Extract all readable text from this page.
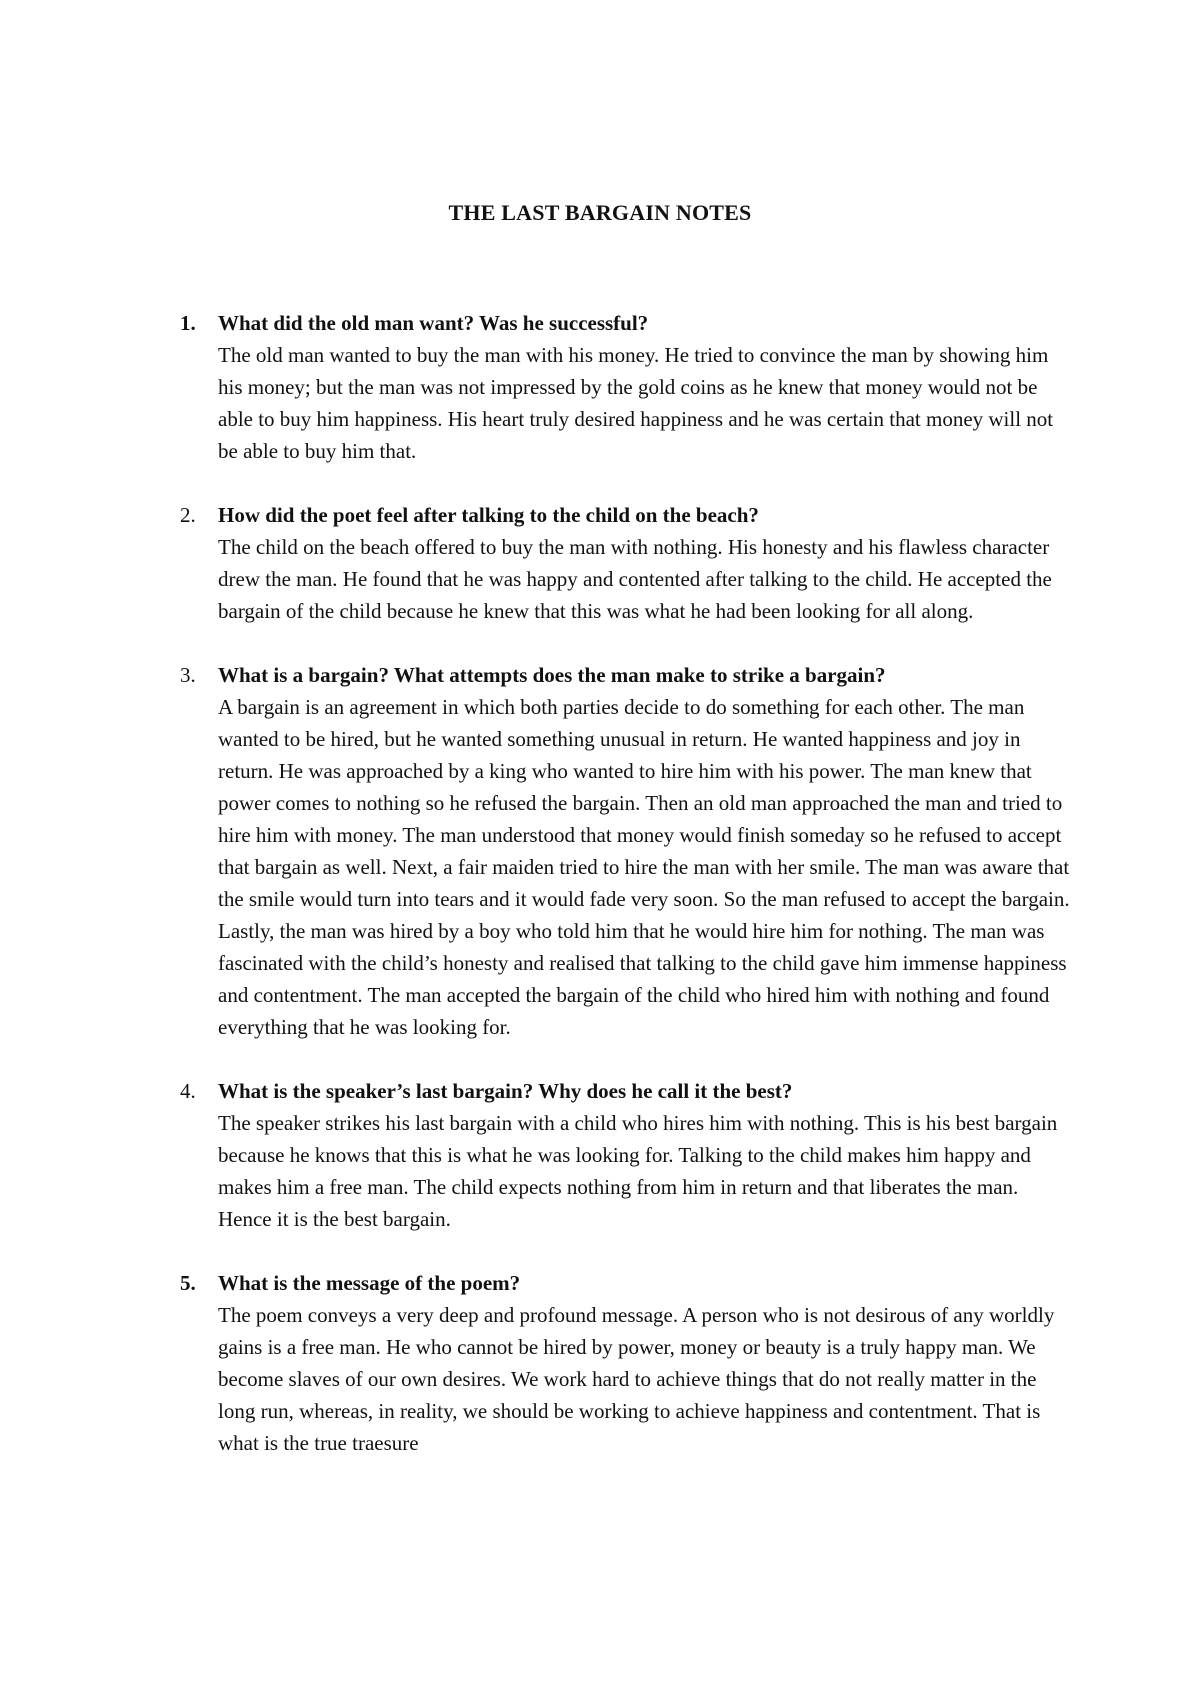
THE LAST BARGAIN NOTES
1.	What did the old man want? Was he successful?
The old man wanted to buy the man with his money. He tried to convince the man by showing him his money; but the man was not impressed by the gold coins as he knew that money would not be able to buy him happiness. His heart truly desired happiness and he was certain that money will not be able to buy him that.
2.	How did the poet feel after talking to the child on the beach?
The child on the beach offered to buy the man with nothing. His honesty and his flawless character drew the man. He found that he was happy and contented after talking to the child. He accepted the bargain of the child because he knew that this was what he had been looking for all along.
3.	What is a bargain? What attempts does the man make to strike a bargain?
A bargain is an agreement in which both parties decide to do something for each other. The man wanted to be hired, but he wanted something unusual in return. He wanted happiness and joy in return. He was approached by a king who wanted to hire him with his power. The man knew that power comes to nothing so he refused the bargain. Then an old man approached the man and tried to hire him with money. The man understood that money would finish someday so he refused to accept that bargain as well. Next, a fair maiden tried to hire the man with her smile. The man was aware that the smile would turn into tears and it would fade very soon. So the man refused to accept the bargain. Lastly, the man was hired by a boy who told him that he would hire him for nothing. The man was fascinated with the child’s honesty and realised that talking to the child gave him immense happiness and contentment. The man accepted the bargain of the child who hired him with nothing and found everything that he was looking for.
4.	What is the speaker’s last bargain? Why does he call it the best?
The speaker strikes his last bargain with a child who hires him with nothing. This is his best bargain because he knows that this is what he was looking for. Talking to the child makes him happy and makes him a free man. The child expects nothing from him in return and that liberates the man. Hence it is the best bargain.
5.	What is the message of the poem?
The poem conveys a very deep and profound message. A person who is not desirous of any worldly gains is a free man. He who cannot be hired by power, money or beauty is a truly happy man. We become slaves of our own desires. We work hard to achieve things that do not really matter in the long run, whereas, in reality, we should be working to achieve happiness and contentment. That is what is the true traesure
